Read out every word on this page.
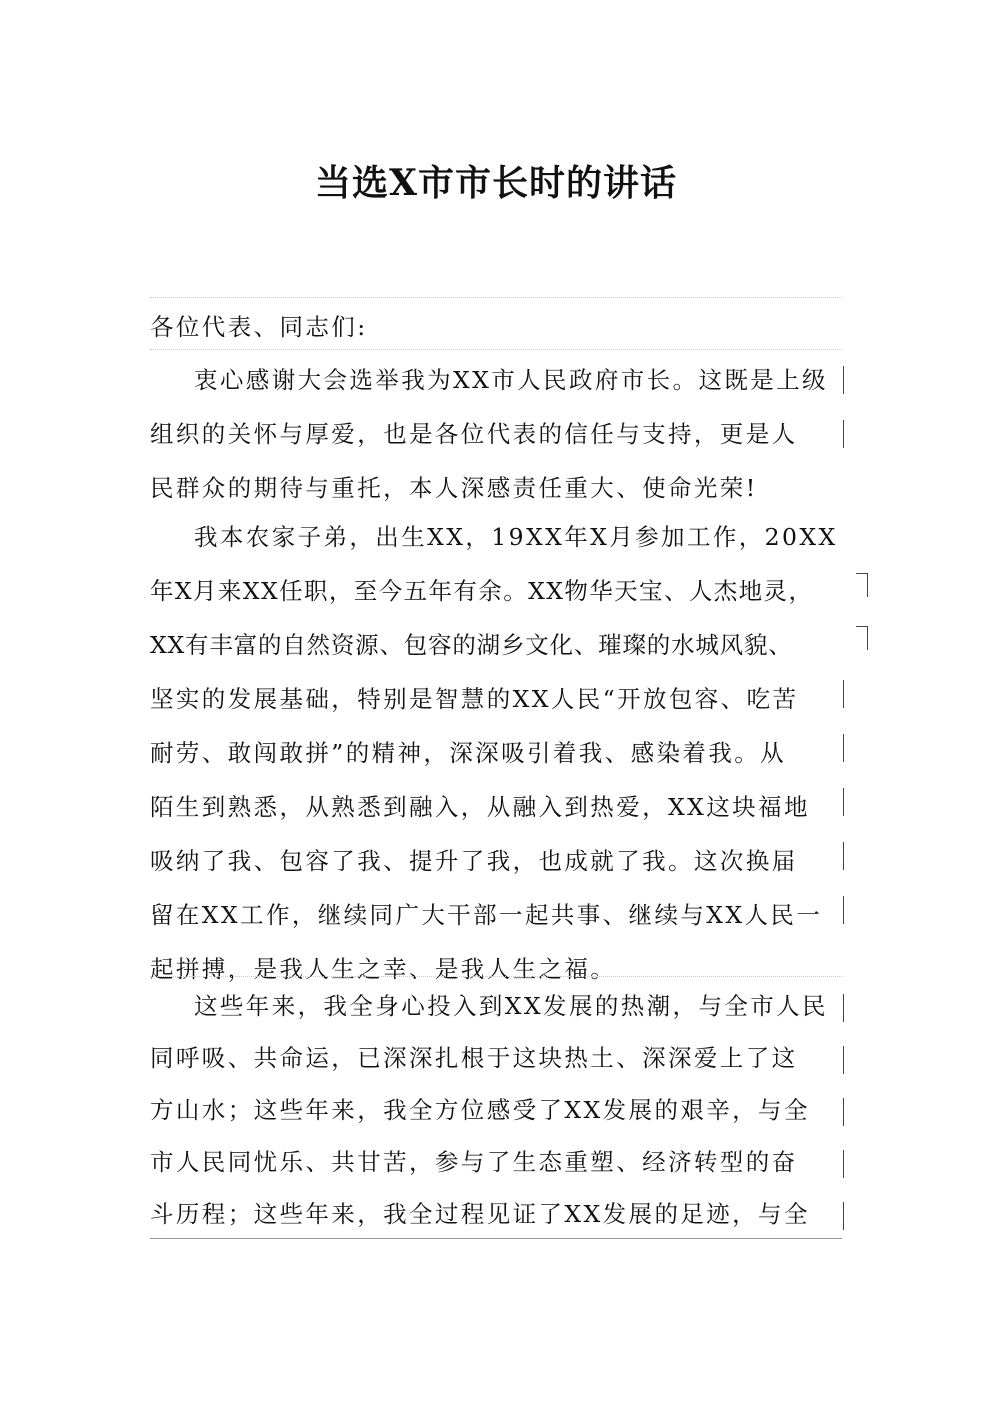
当选X市市长时的讲话
各位代表、同志们:
衷心感谢大会选举我为XX市人民政府市长。这既是上级
组织的关怀与厚爱，也是各位代表的信任与支持，更是人
民群众的期待与重托，本人深感责任重大、使命光荣!
我本农家子弟，出生XX，19XX年X月参加工作，20XX
年X月来XX任职，至今五年有余。XX物华天宝、人杰地灵，
XX有丰富的自然资源、包容的湖乡文化、璀璨的水城风貌、
坚实的发展基础，特别是智慧的XX人民“开放包容、吃苦
耐劳、敢闯敢拼”的精神，深深吸引着我、感染着我。从
陌生到熟悉，从熟悉到融入，从融入到热爱，XX这块福地
吸纳了我、包容了我、提升了我，也成就了我。这次换届
留在XX工作，继续同广大干部一起共事、继续与XX人民一
起拼搏，是我人生之幸、是我人生之福。
这些年来，我全身心投入到XX发展的热潮，与全市人民
同呼吸、共命运，已深深扎根于这块热土、深深爱上了这
方山水；这些年来，我全方位感受了XX发展的艰辛，与全
市人民同忧乐、共甘苦，参与了生态重塑、经济转型的奋
斗历程；这些年来，我全过程见证了XX发展的足迹，与全
